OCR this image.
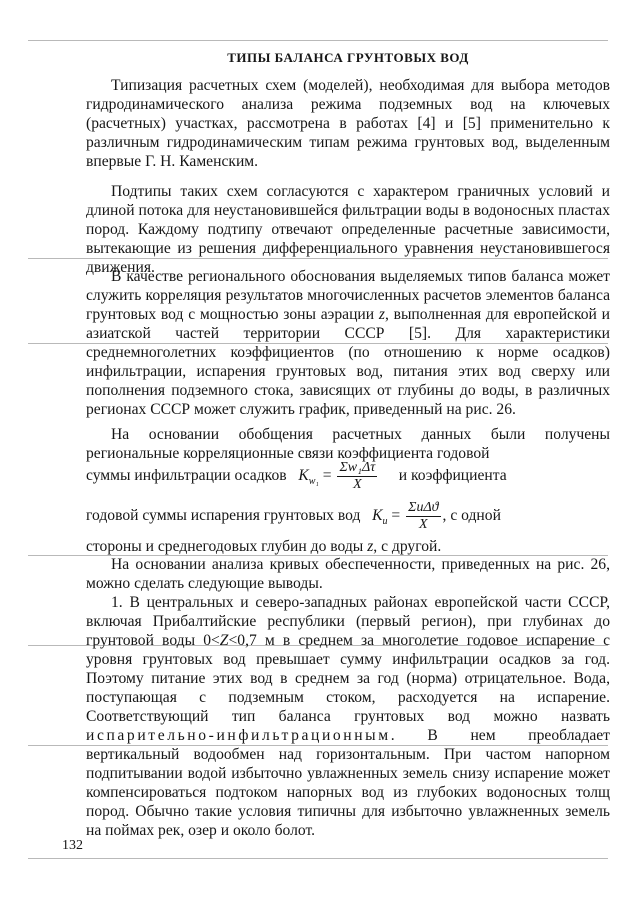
ТИПЫ БАЛАНСА ГРУНТОВЫХ ВОД

Типизация расчетных схем (моделей), необходимая для выбора методов гидродинамического анализа режима подземных вод на ключевых (расчетных) участках, рассмотрена в работах [4] и [5] применительно к различным гидродинамическим типам режима грунтовых вод, выделенным впервые Г. Н. Каменским.

Подтипы таких схем согласуются с характером граничных условий и длиной потока для неустановившейся фильтрации воды в водоносных пластах пород. Каждому подтипу отвечают определенные расчетные зависимости, вытекающие из решения дифференциального уравнения неустановившегося движения.

В качестве регионального обоснования выделяемых типов баланса может служить корреляция результатов многочисленных расчетов элементов баланса грунтовых вод с мощностью зоны аэрации z, выполненная для европейской и азиатской частей территории СССР [5]. Для характеристики среднемноголетних коэффициентов (по отношению к норме осадков) инфильтрации, испарения грунтовых вод, питания этих вод сверху или пополнения подземного стока, зависящих от глубины до воды, в различных регионах СССР может служить график, приведенный на рис. 26.

На основании обобщения расчетных данных были получены региональные корреляционные связи коэффициента годовой

суммы инфильтрации осадков $K_{w_1} = \frac{\text{Σw₁Δτ}}{X}$ и коэффициента
годовой суммы испарения грунтовых вод $K_u = \frac{\text{ΣuΔϑ}}{X}$ , с одной

стороны и среднегодовых глубин до воды z, с другой.

На основании анализа кривых обеспеченности, приведенных на рис. 26, можно сделать следующие выводы.

1. В центральных и северо-западных районах европейской части СССР, включая Прибалтийские республики (первый регион), при глубинах до грунтовой воды 0<Z<0,7 м в среднем за многолетие годовое испарение с уровня грунтовых вод превышает сумму инфильтрации осадков за год. Поэтому питание этих вод в среднем за год (норма) отрицательное. Вода, поступающая с подземным стоком, расходуется на испарение. Соответствующий тип баланса грунтовых вод можно назвать испарительно-инфильтрационным. В нем преобладает вертикальный водообмен над горизонтальным. При частом напорном подпитывании водой избыточно увлажненных земель снизу испарение может компенсироваться подтоком напорных вод из глубоких водоносных толщ пород. Обычно такие условия типичны для избыточно увлажненных земель на поймах рек, озер и около болот.

132
